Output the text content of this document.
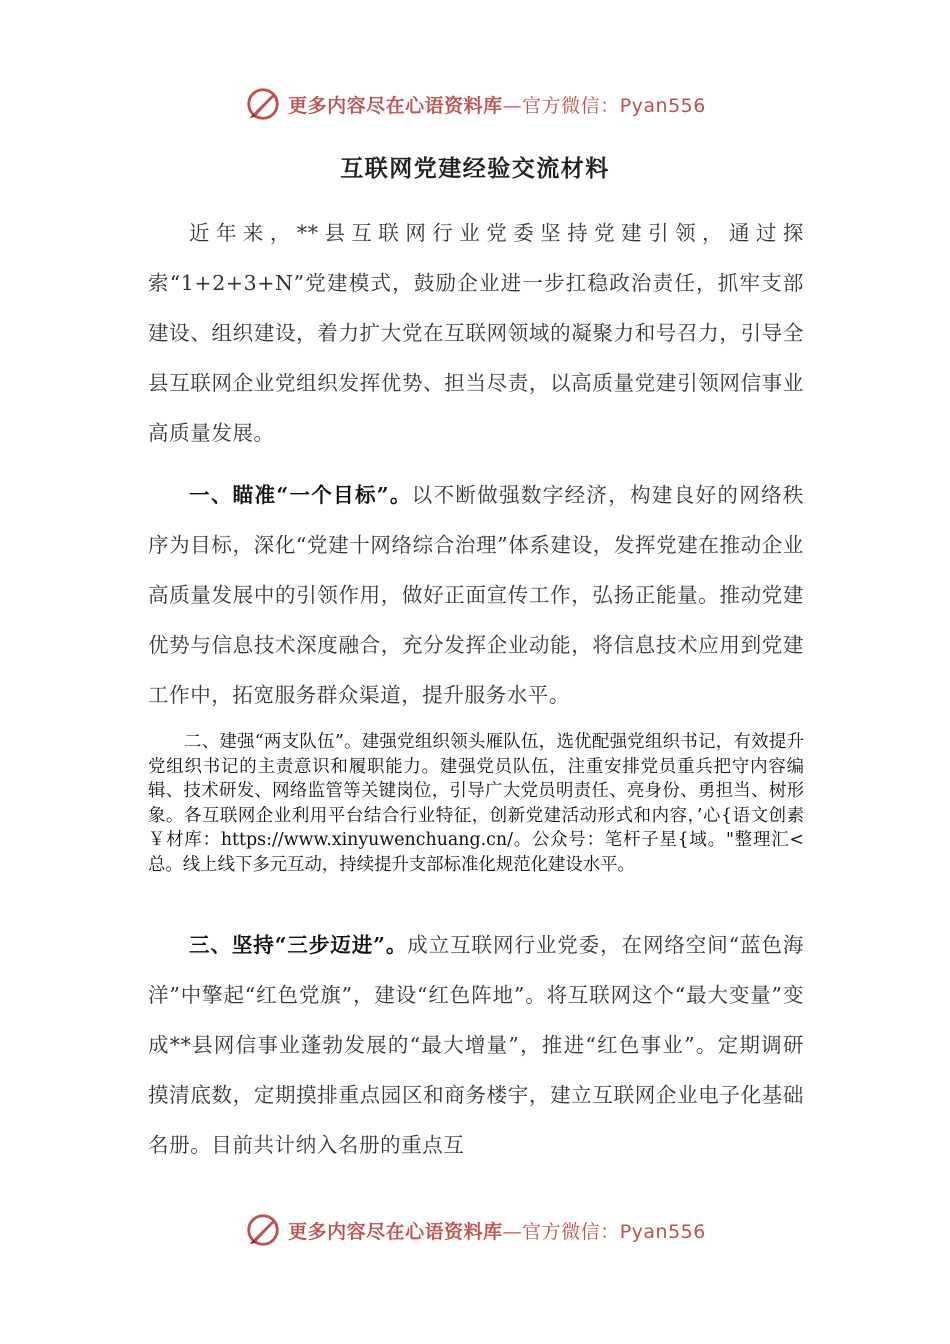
更多内容尽在心语资料库—官方微信：Pyan556
互联网党建经验交流材料

近年来，**县互联网行业党委坚持党建引领，通过探索“1+2+3+N”党建模式，鼓励企业进一步扛稳政治责任，抓牢支部建设、组织建设，着力扩大党在互联网领域的凝聚力和号召力，引导全县互联网企业党组织发挥优势、担当尽责，以高质量党建引领网信事业高质量发展。

一、瞄准“一个目标”。以不断做强数字经济，构建良好的网络秩序为目标，深化“党建十网络综合治理”体系建设，发挥党建在推动企业高质量发展中的引领作用，做好正面宣传工作，弘扬正能量。推动党建优势与信息技术深度融合，充分发挥企业动能，将信息技术应用到党建工作中，拓宽服务群众渠道，提升服务水平。

二、建强“两支队伍”。建强党组织领头雁队伍，选优配强党组织书记，有效提升党组织书记的主责意识和履职能力。建强党员队伍，注重安排党员重兵把守内容编辑、技术研发、网络监管等关键岗位，引导广大党员明责任、亮身份、勇担当、树形象。各互联网企业利用平台结合行业特征，创新党建活动形式和内容，’心{语文创素￥材库：https://www.xinyuwenchuang.cn/。公众号：笔杆子星{域。"整理汇<总。线上线下多元互动，持续提升支部标准化规范化建设水平。

三、坚持“三步迈进”。成立互联网行业党委，在网络空间“蓝色海洋”中擎起“红色党旗”，建设“红色阵地”。将互联网这个“最大变量”变成**县网信事业蓬勃发展的“最大增量”，推进“红色事业”。定期调研摸清底数，定期摸排重点园区和商务楼宇，建立互联网企业电子化基础名册。目前共计纳入名册的重点互

更多内容尽在心语资料库—官方微信：Pyan556
